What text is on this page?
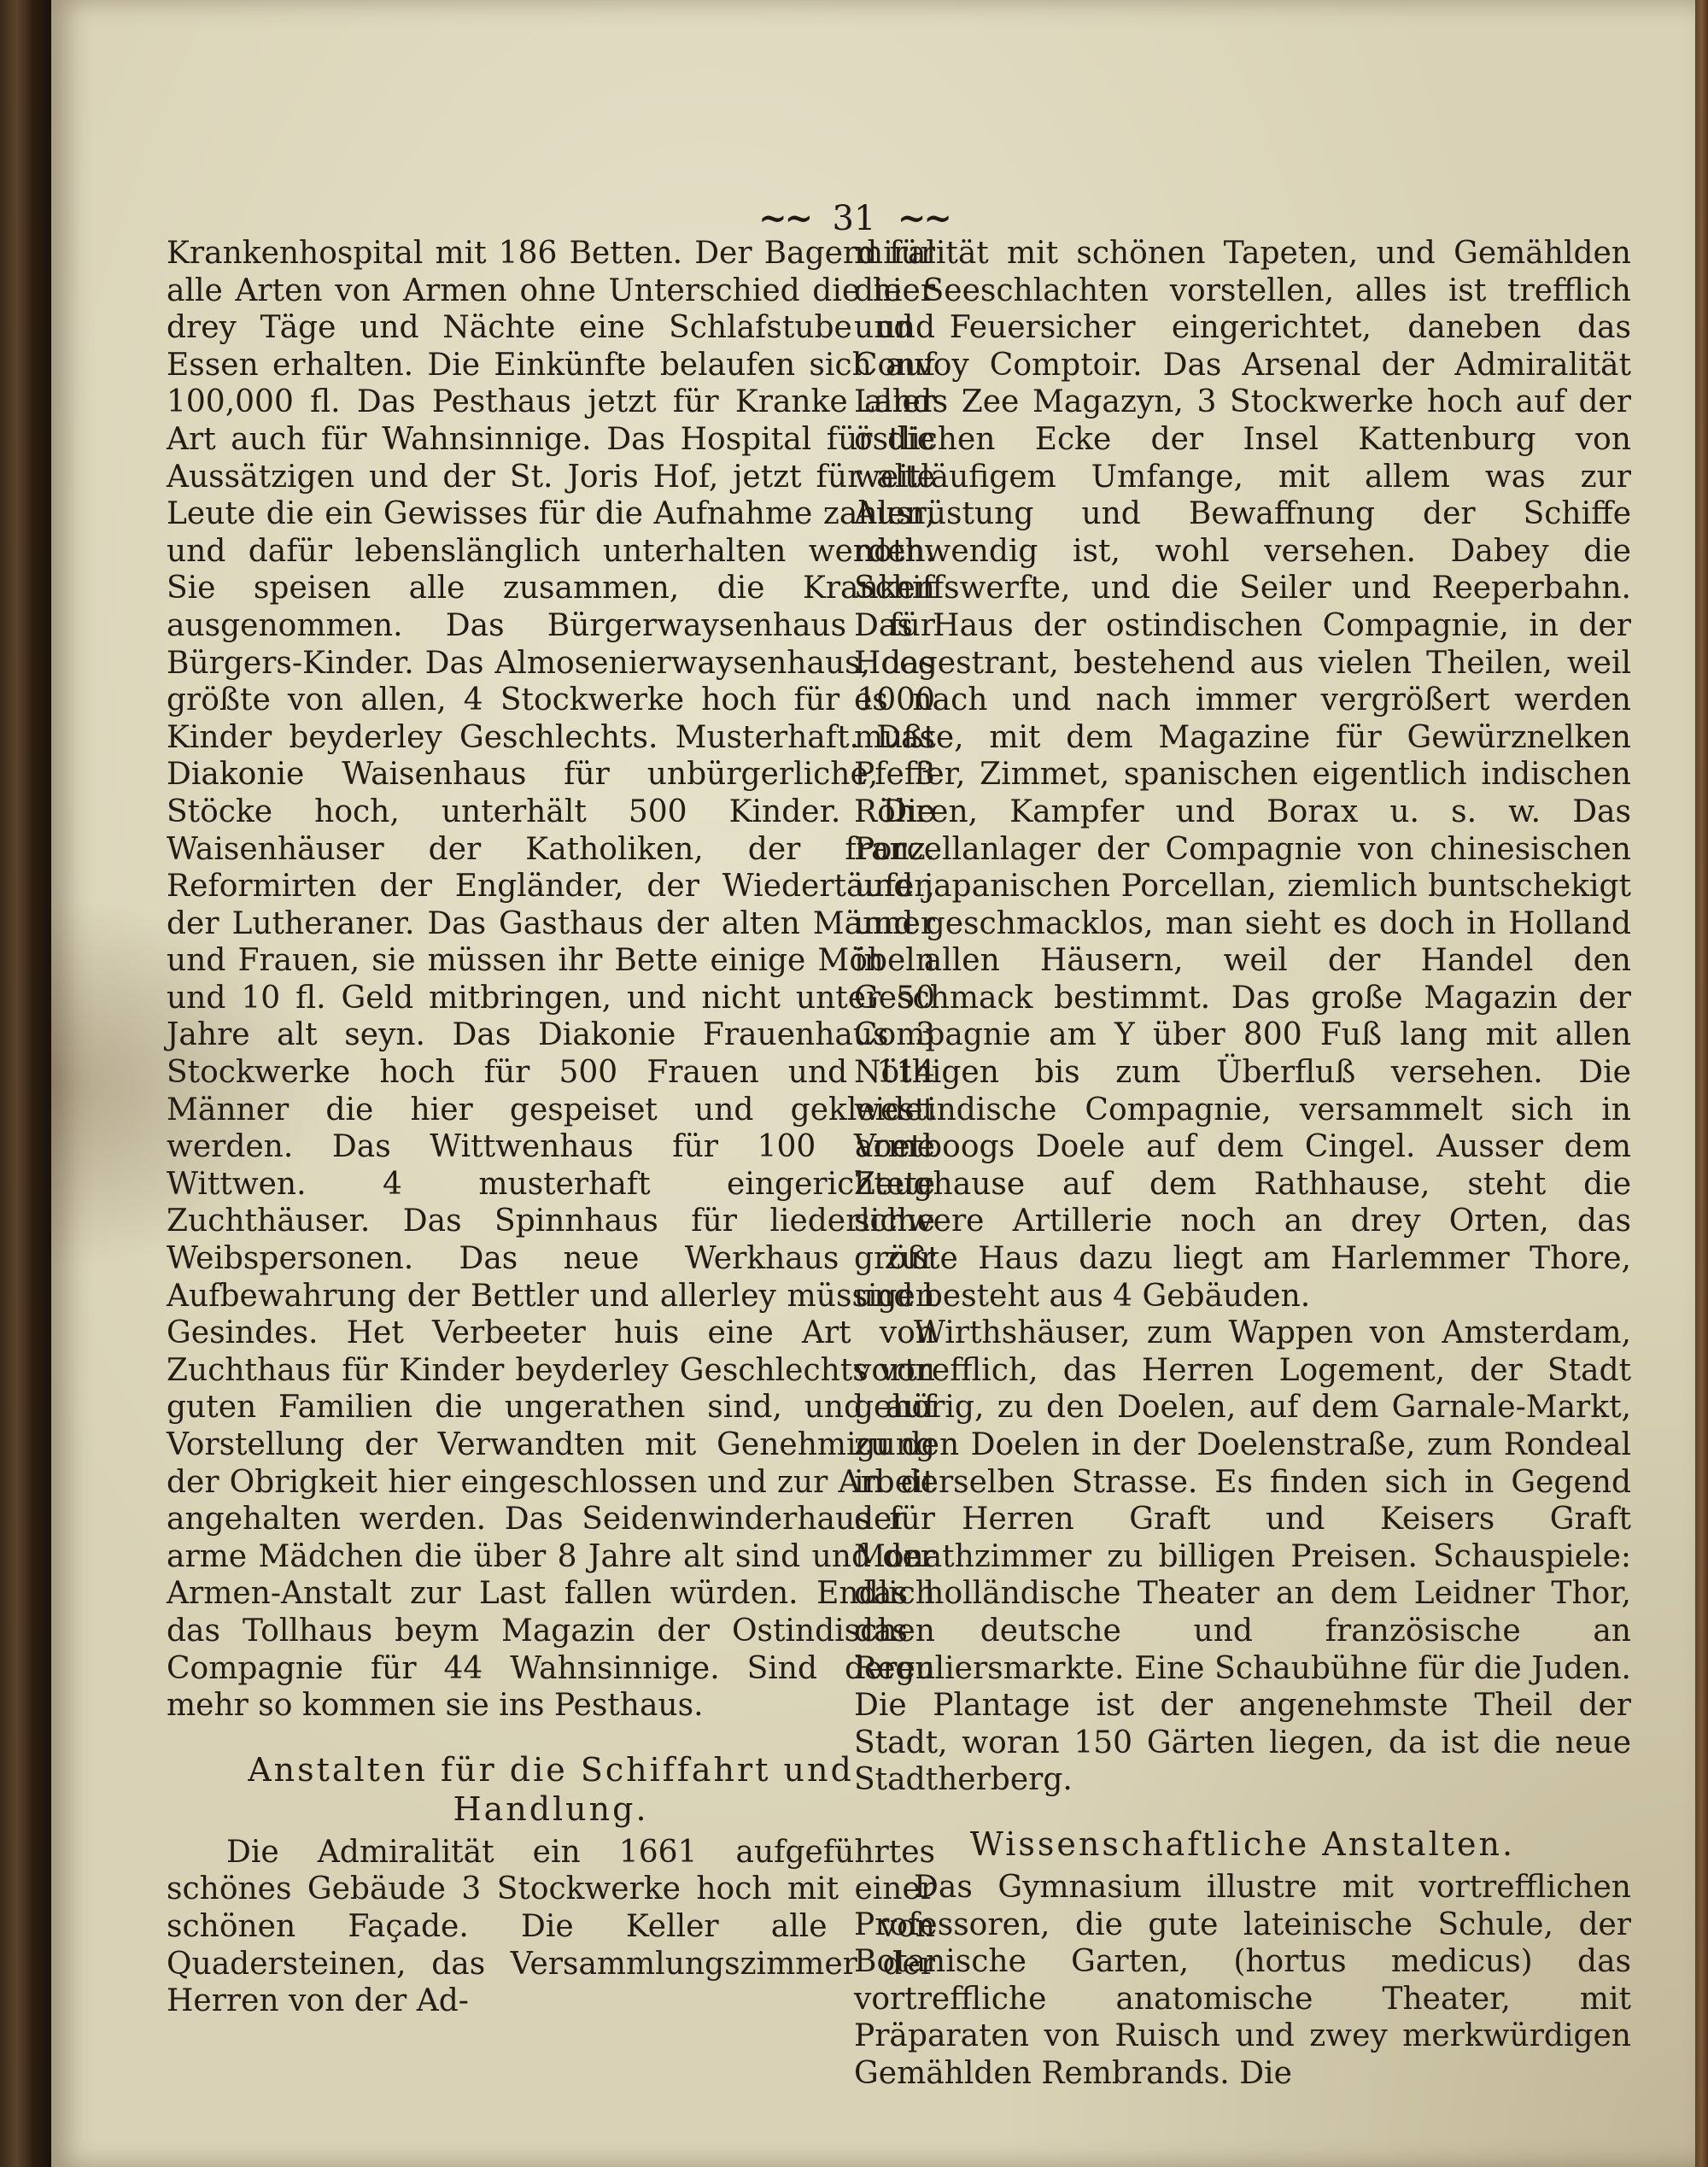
~~ 31 ~~

Krankenhospital mit 186 Betten. Der Bagerd für alle Arten von Armen ohne Unterschied die hier drey Täge und Nächte eine Schlafstube und Essen erhalten. Die Einkünfte belaufen sich auf 100,000 fl. Das Pesthaus jetzt für Kranke aller Art auch für Wahnsinnige. Das Hospital für die Aussätzigen und der St. Joris Hof, jetzt für alte Leute die ein Gewisses für die Aufnahme zahlen, und dafür lebenslänglich unterhalten werden. Sie speisen alle zusammen, die Kranken ausgenommen. Das Bürgerwaysenhaus für Bürgers-Kinder. Das Almosenierwaysenhaus, das größte von allen, 4 Stockwerke hoch für 1000 Kinder beyderley Geschlechts. Musterhaft. Das Diakonie Waisenhaus für unbürgerliche, 3 Stöcke hoch, unterhält 500 Kinder. Die Waisenhäuser der Katholiken, der franz. Reformirten der Engländer, der Wiedertäufer, der Lutheraner. Das Gasthaus der alten Männer und Frauen, sie müssen ihr Bette einige Möbeln und 10 fl. Geld mitbringen, und nicht unter 50 Jahre alt seyn. Das Diakonie Frauenhaus 3 Stockwerke hoch für 500 Frauen und 114 Männer die hier gespeiset und gekleidet werden. Das Wittwenhaus für 100 arme Wittwen. 4 musterhaft eingerichtete Zuchthäuser. Das Spinnhaus für liederliche Weibspersonen. Das neue Werkhaus zur Aufbewahrung der Bettler und allerley müssigen Gesindes. Het Verbeeter huis eine Art von Zuchthaus für Kinder beyderley Geschlechts von guten Familien die ungerathen sind, und auf Vorstellung der Verwandten mit Genehmigung der Obrigkeit hier eingeschlossen und zur Arbeit angehalten werden. Das Seidenwinderhaus für arme Mädchen die über 8 Jahre alt sind und der Armen-Anstalt zur Last fallen würden. Endlich das Tollhaus beym Magazin der Ostindischen Compagnie für 44 Wahnsinnige. Sind deren mehr so kommen sie ins Pesthaus.

Anstalten für die Schiffahrt und
Handlung.

Die Admiralität ein 1661 aufgeführtes schönes Gebäude 3 Stockwerke hoch mit einer schönen Façade. Die Keller alle von Quadersteinen, das Versammlungszimmer der Herren von der Ad-

miralität mit schönen Tapeten, und Gemählden die Seeschlachten vorstellen, alles ist trefflich und Feuersicher eingerichtet, daneben das Convoy Comptoir. Das Arsenal der Admiralität Lands Zee Magazyn, 3 Stockwerke hoch auf der östlichen Ecke der Insel Kattenburg von weitläufigem Umfange, mit allem was zur Ausrüstung und Bewaffnung der Schiffe nothwendig ist, wohl versehen. Dabey die Schiffswerfte, und die Seiler und Reeperbahn. Das Haus der ostindischen Compagnie, in der Hoogestrant, bestehend aus vielen Theilen, weil es nach und nach immer vergrößert werden mußte, mit dem Magazine für Gewürznelken Pfeffer, Zimmet, spanischen eigentlich indischen Röhren, Kampfer und Borax u. s. w. Das Porcellanlager der Compagnie von chinesischen und japanischen Porcellan, ziemlich buntschekigt und geschmacklos, man sieht es doch in Holland in allen Häusern, weil der Handel den Geschmack bestimmt. Das große Magazin der Compagnie am Y über 800 Fuß lang mit allen Nöthigen bis zum Überfluß versehen. Die westindische Compagnie, versammelt sich in Voetboogs Doele auf dem Cingel. Ausser dem Zeughause auf dem Rathhause, steht die schwere Artillerie noch an drey Orten, das größte Haus dazu liegt am Harlemmer Thore, und besteht aus 4 Gebäuden.

Wirthshäuser, zum Wappen von Amsterdam, vortrefflich, das Herren Logement, der Stadt gehörig, zu den Doelen, auf dem Garnale-Markt, zu den Doelen in der Doelenstraße, zum Rondeal in derselben Strasse. Es finden sich in Gegend der Herren Graft und Keisers Graft Monathzimmer zu billigen Preisen. Schauspiele: das holländische Theater an dem Leidner Thor, das deutsche und französische an Reguliersmarkte. Eine Schaubühne für die Juden. Die Plantage ist der angenehmste Theil der Stadt, woran 150 Gärten liegen, da ist die neue Stadtherberg.

Wissenschaftliche Anstalten.

Das Gymnasium illustre mit vortrefflichen Professoren, die gute lateinische Schule, der Botanische Garten, (hortus medicus) das vortreffliche anatomische Theater, mit Präparaten von Ruisch und zwey merkwürdigen Gemählden Rembrands. Die
